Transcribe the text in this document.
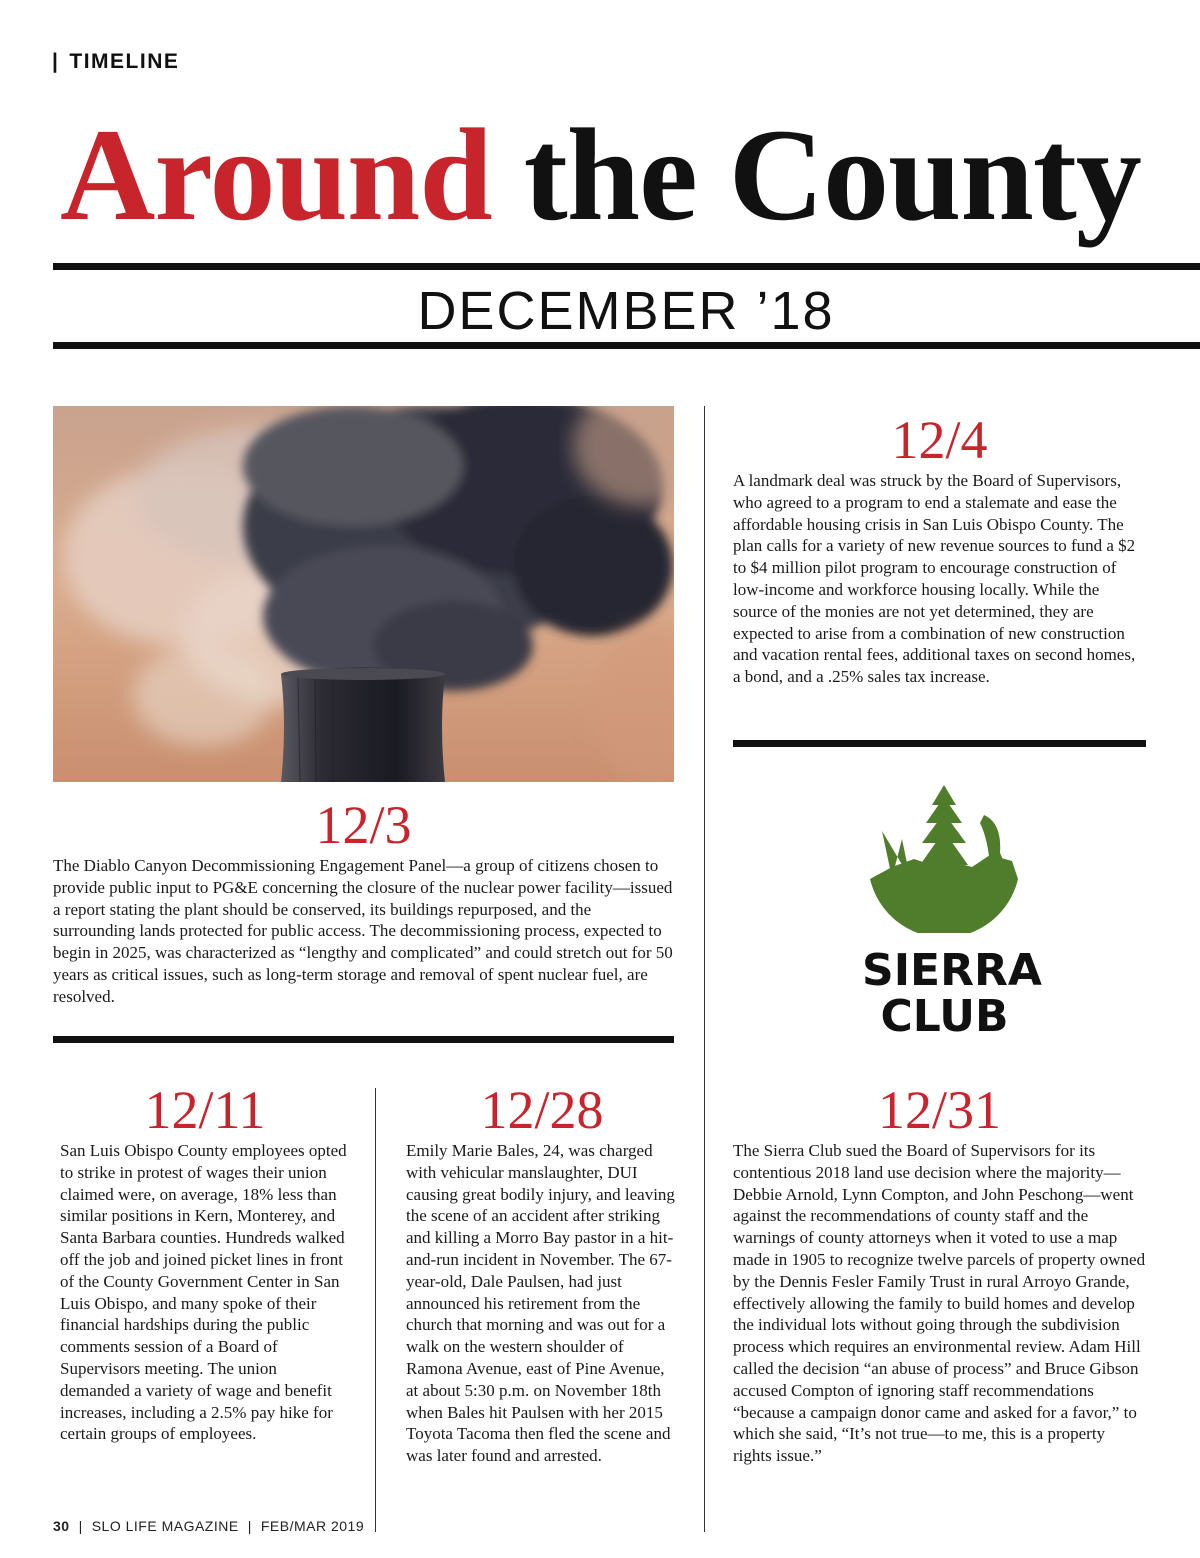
| TIMELINE
Around the County
DECEMBER ’18
12/4
A landmark deal was struck by the Board of Supervisors, who agreed to a program to end a stalemate and ease the affordable housing crisis in San Luis Obispo County. The plan calls for a variety of new revenue sources to fund a $2 to $4 million pilot program to encourage construction of low-income and workforce housing locally. While the source of the monies are not yet determined, they are expected to arise from a combination of new construction and vacation rental fees, additional taxes on second homes, a bond, and a .25% sales tax increase.
12/3
The Diablo Canyon Decommissioning Engagement Panel—a group of citizens chosen to provide public input to PG&E concerning the closure of the nuclear power facility—issued a report stating the plant should be conserved, its buildings repurposed, and the surrounding lands protected for public access. The decommissioning process, expected to begin in 2025, was characterized as “lengthy and complicated” and could stretch out for 50 years as critical issues, such as long-term storage and removal of spent nuclear fuel, are resolved.
SIERRA
CLUB
12/11
San Luis Obispo County employees opted to strike in protest of wages their union claimed were, on average, 18% less than similar positions in Kern, Monterey, and Santa Barbara counties. Hundreds walked off the job and joined picket lines in front of the County Government Center in San Luis Obispo, and many spoke of their financial hardships during the public comments session of a Board of Supervisors meeting. The union demanded a variety of wage and benefit increases, including a 2.5% pay hike for certain groups of employees.
12/28
Emily Marie Bales, 24, was charged with vehicular manslaughter, DUI causing great bodily injury, and leaving the scene of an accident after striking and killing a Morro Bay pastor in a hit-and-run incident in November. The 67-year-old, Dale Paulsen, had just announced his retirement from the church that morning and was out for a walk on the western shoulder of Ramona Avenue, east of Pine Avenue, at about 5:30 p.m. on November 18th when Bales hit Paulsen with her 2015 Toyota Tacoma then fled the scene and was later found and arrested.
12/31
The Sierra Club sued the Board of Supervisors for its contentious 2018 land use decision where the majority—Debbie Arnold, Lynn Compton, and John Peschong—went against the recommendations of county staff and the warnings of county attorneys when it voted to use a map made in 1905 to recognize twelve parcels of property owned by the Dennis Fesler Family Trust in rural Arroyo Grande, effectively allowing the family to build homes and develop the individual lots without going through the subdivision process which requires an environmental review. Adam Hill called the decision “an abuse of process” and Bruce Gibson accused Compton of ignoring staff recommendations “because a campaign donor came and asked for a favor,” to which she said, “It’s not true—to me, this is a property rights issue.”
30 | SLO LIFE MAGAZINE | FEB/MAR 2019
